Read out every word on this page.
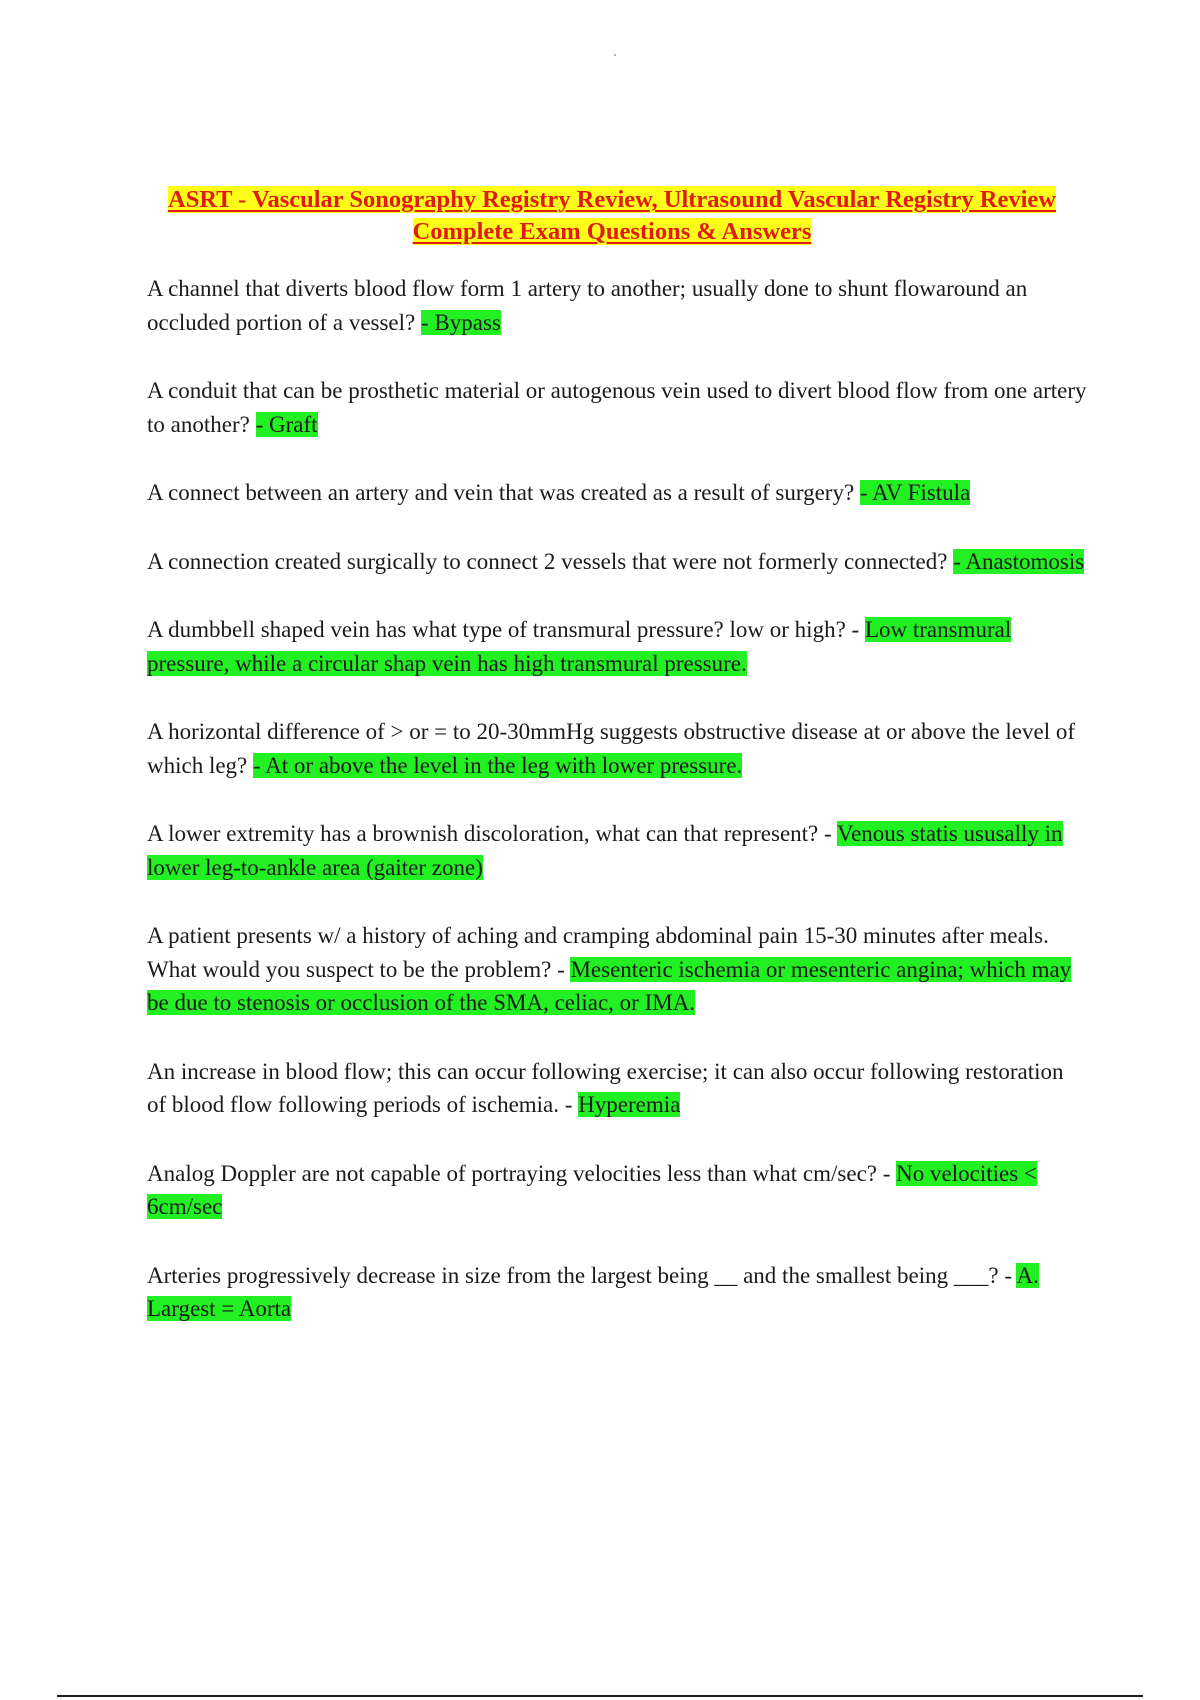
ASRT - Vascular Sonography Registry Review, Ultrasound Vascular Registry Review Complete Exam Questions & Answers

A channel that diverts blood flow form 1 artery to another; usually done to shunt flowaround an occluded portion of a vessel? - Bypass

A conduit that can be prosthetic material or autogenous vein used to divert blood flow from one artery to another? - Graft

A connect between an artery and vein that was created as a result of surgery? - AV Fistula

A connection created surgically to connect 2 vessels that were not formerly connected? - Anastomosis

A dumbbell shaped vein has what type of transmural pressure? low or high? - Low transmural pressure, while a circular shap vein has high transmural pressure.

A horizontal difference of > or = to 20-30mmHg suggests obstructive disease at or above the level of which leg? - At or above the level in the leg with lower pressure.

A lower extremity has a brownish discoloration, what can that represent? - Venous statis ususally in lower leg-to-ankle area (gaiter zone)

A patient presents w/ a history of aching and cramping abdominal pain 15-30 minutes after meals. What would you suspect to be the problem? - Mesenteric ischemia or mesenteric angina; which may be due to stenosis or occlusion of the SMA, celiac, or IMA.

An increase in blood flow; this can occur following exercise; it can also occur following restoration of blood flow following periods of ischemia. - Hyperemia

Analog Doppler are not capable of portraying velocities less than what cm/sec? - No velocities < 6cm/sec

Arteries progressively decrease in size from the largest being __ and the smallest being ___? - A. Largest = Aorta
